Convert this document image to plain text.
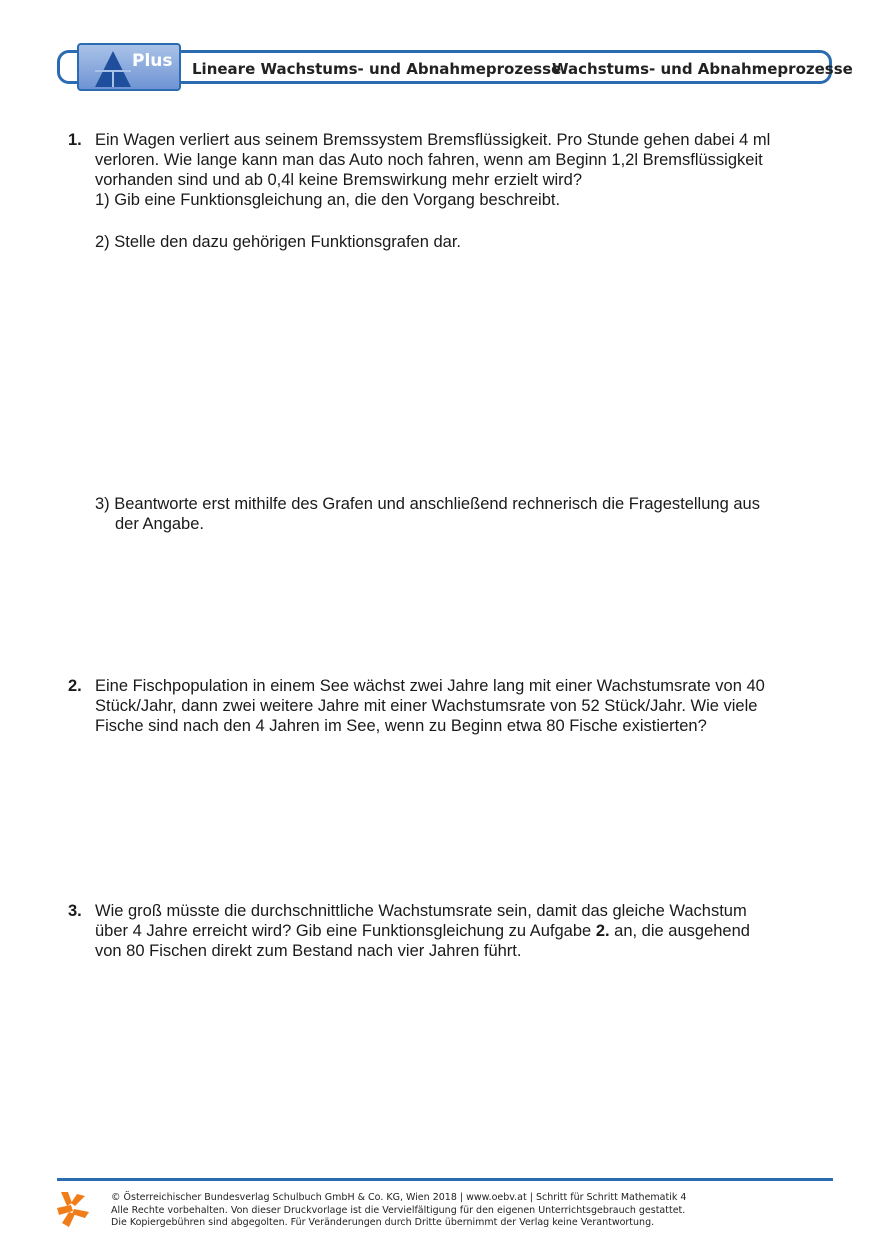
Plus Lineare Wachstums- und Abnahmeprozesse
Wachstums- und Abnahmeprozesse
1. Ein Wagen verliert aus seinem Bremssystem Bremsflüssigkeit. Pro Stunde gehen dabei 4 ml
verloren. Wie lange kann man das Auto noch fahren, wenn am Beginn 1,2l Bremsflüssigkeit
vorhanden sind und ab 0,4l keine Bremswirkung mehr erzielt wird?
1) Gib eine Funktionsgleichung an, die den Vorgang beschreibt.
2) Stelle den dazu gehörigen Funktionsgrafen dar.
3) Beantworte erst mithilfe des Grafen und anschließend rechnerisch die Fragestellung aus
der Angabe.
2. Eine Fischpopulation in einem See wächst zwei Jahre lang mit einer Wachstumsrate von 40
Stück/Jahr, dann zwei weitere Jahre mit einer Wachstumsrate von 52 Stück/Jahr. Wie viele
Fische sind nach den 4 Jahren im See, wenn zu Beginn etwa 80 Fische existierten?
3. Wie groß müsste die durchschnittliche Wachstumsrate sein, damit das gleiche Wachstum
über 4 Jahre erreicht wird? Gib eine Funktionsgleichung zu Aufgabe 2. an, die ausgehend
von 80 Fischen direkt zum Bestand nach vier Jahren führt.
© Österreichischer Bundesverlag Schulbuch GmbH & Co. KG, Wien 2018 | www.oebv.at | Schritt für Schritt Mathematik 4
Alle Rechte vorbehalten. Von dieser Druckvorlage ist die Vervielfältigung für den eigenen Unterrichtsgebrauch gestattet.
Die Kopiergebühren sind abgegolten. Für Veränderungen durch Dritte übernimmt der Verlag keine Verantwortung.
